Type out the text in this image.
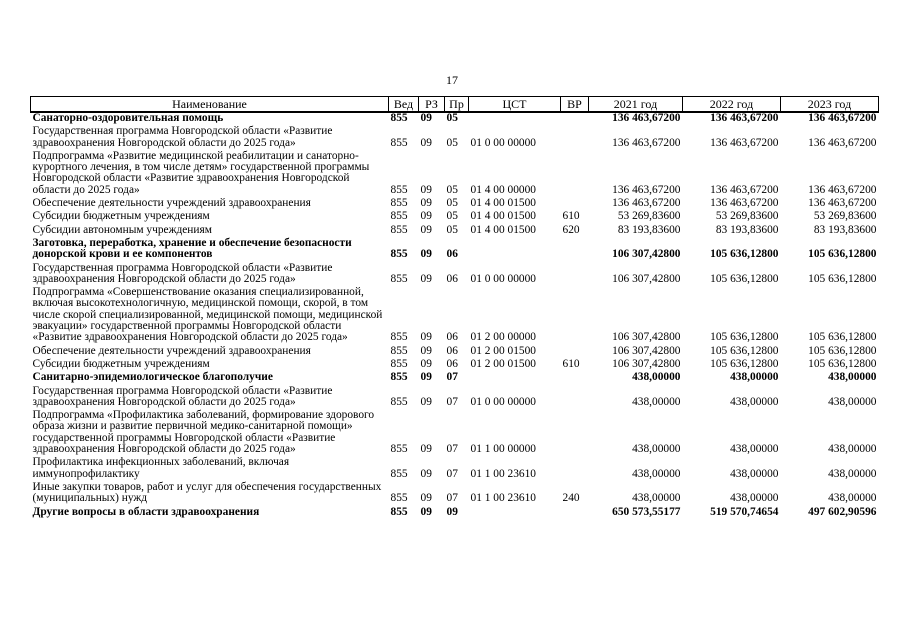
17
Наименование	Вед	РЗ	Пр	ЦСТ	ВР	2021 год	2022 год	2023 год
Санаторно-оздоровительная помощь	855	09	05			136 463,67200	136 463,67200	136 463,67200
Государственная программа Новгородской области «Развитие здравоохранения Новгородской области до 2025 года»	855	09	05	01 0 00 00000		136 463,67200	136 463,67200	136 463,67200
Подпрограмма «Развитие медицинской реабилитации и санаторно-курортного лечения, в том числе детям» государственной программы Новгородской области «Развитие здравоохранения Новгородской области до 2025 года»	855	09	05	01 4 00 00000		136 463,67200	136 463,67200	136 463,67200
Обеспечение деятельности учреждений здравоохранения	855	09	05	01 4 00 01500		136 463,67200	136 463,67200	136 463,67200
Субсидии бюджетным учреждениям	855	09	05	01 4 00 01500	610	53 269,83600	53 269,83600	53 269,83600
Субсидии автономным учреждениям	855	09	05	01 4 00 01500	620	83 193,83600	83 193,83600	83 193,83600
Заготовка, переработка, хранение и обеспечение безопасности донорской крови и ее компонентов	855	09	06			106 307,42800	105 636,12800	105 636,12800
Государственная программа Новгородской области «Развитие здравоохранения Новгородской области до 2025 года»	855	09	06	01 0 00 00000		106 307,42800	105 636,12800	105 636,12800
Подпрограмма «Совершенствование оказания специализированной, включая высокотехнологичную, медицинской помощи, скорой, в том числе скорой специализированной, медицинской помощи, медицинской эвакуации» государственной программы Новгородской области «Развитие здравоохранения Новгородской области до 2025 года»	855	09	06	01 2 00 00000		106 307,42800	105 636,12800	105 636,12800
Обеспечение деятельности учреждений здравоохранения	855	09	06	01 2 00 01500		106 307,42800	105 636,12800	105 636,12800
Субсидии бюджетным учреждениям	855	09	06	01 2 00 01500	610	106 307,42800	105 636,12800	105 636,12800
Санитарно-эпидемиологическое благополучие	855	09	07			438,00000	438,00000	438,00000
Государственная программа Новгородской области «Развитие здравоохранения Новгородской области до 2025 года»	855	09	07	01 0 00 00000		438,00000	438,00000	438,00000
Подпрограмма «Профилактика заболеваний, формирование здорового образа жизни и развитие первичной медико-санитарной помощи» государственной программы Новгородской области «Развитие здравоохранения Новгородской области до 2025 года»	855	09	07	01 1 00 00000		438,00000	438,00000	438,00000
Профилактика инфекционных заболеваний, включая иммунопрофилактику	855	09	07	01 1 00 23610		438,00000	438,00000	438,00000
Иные закупки товаров, работ и услуг для обеспечения государственных (муниципальных) нужд	855	09	07	01 1 00 23610	240	438,00000	438,00000	438,00000
Другие вопросы в области здравоохранения	855	09	09			650 573,55177	519 570,74654	497 602,90596
